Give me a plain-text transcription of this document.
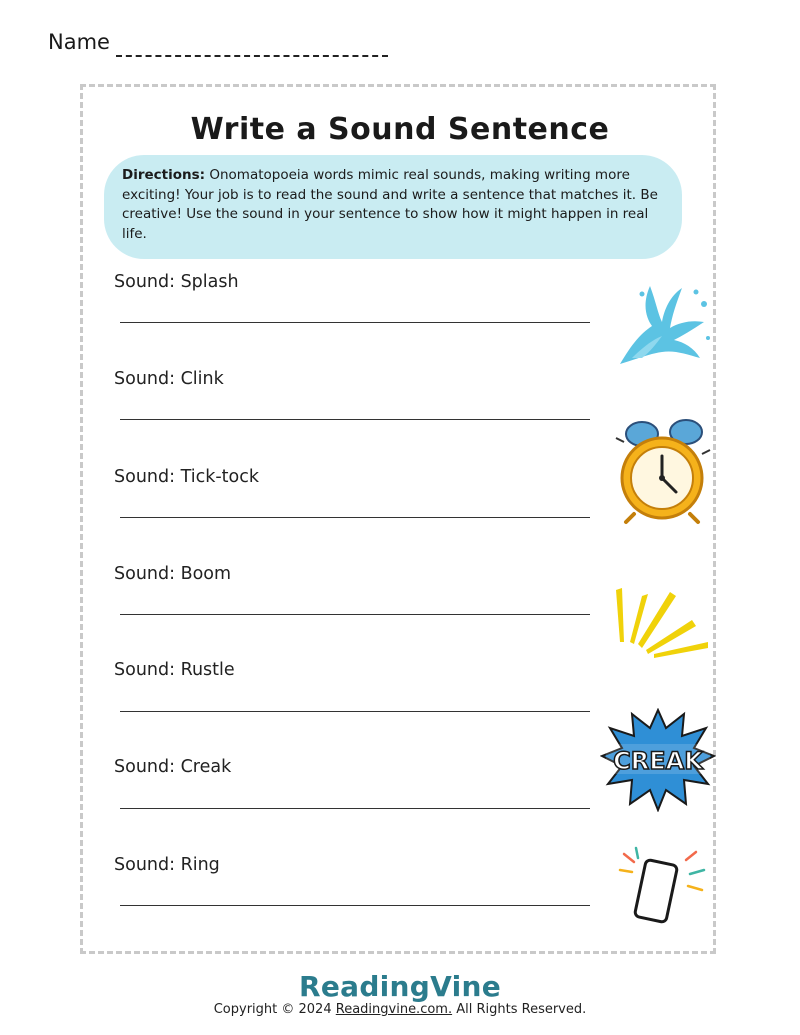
Name
Write a Sound Sentence
Directions: Onomatopoeia words mimic real sounds, making writing more exciting! Your job is to read the sound and write a sentence that matches it. Be creative! Use the sound in your sentence to show how it might happen in real life.
Sound: Splash
Sound: Clink
Sound: Tick-tock
Sound: Boom
Sound: Rustle
Sound: Creak
Sound: Ring
CREAK
ReadingVine
Copyright © 2024 Readingvine.com. All Rights Reserved.
